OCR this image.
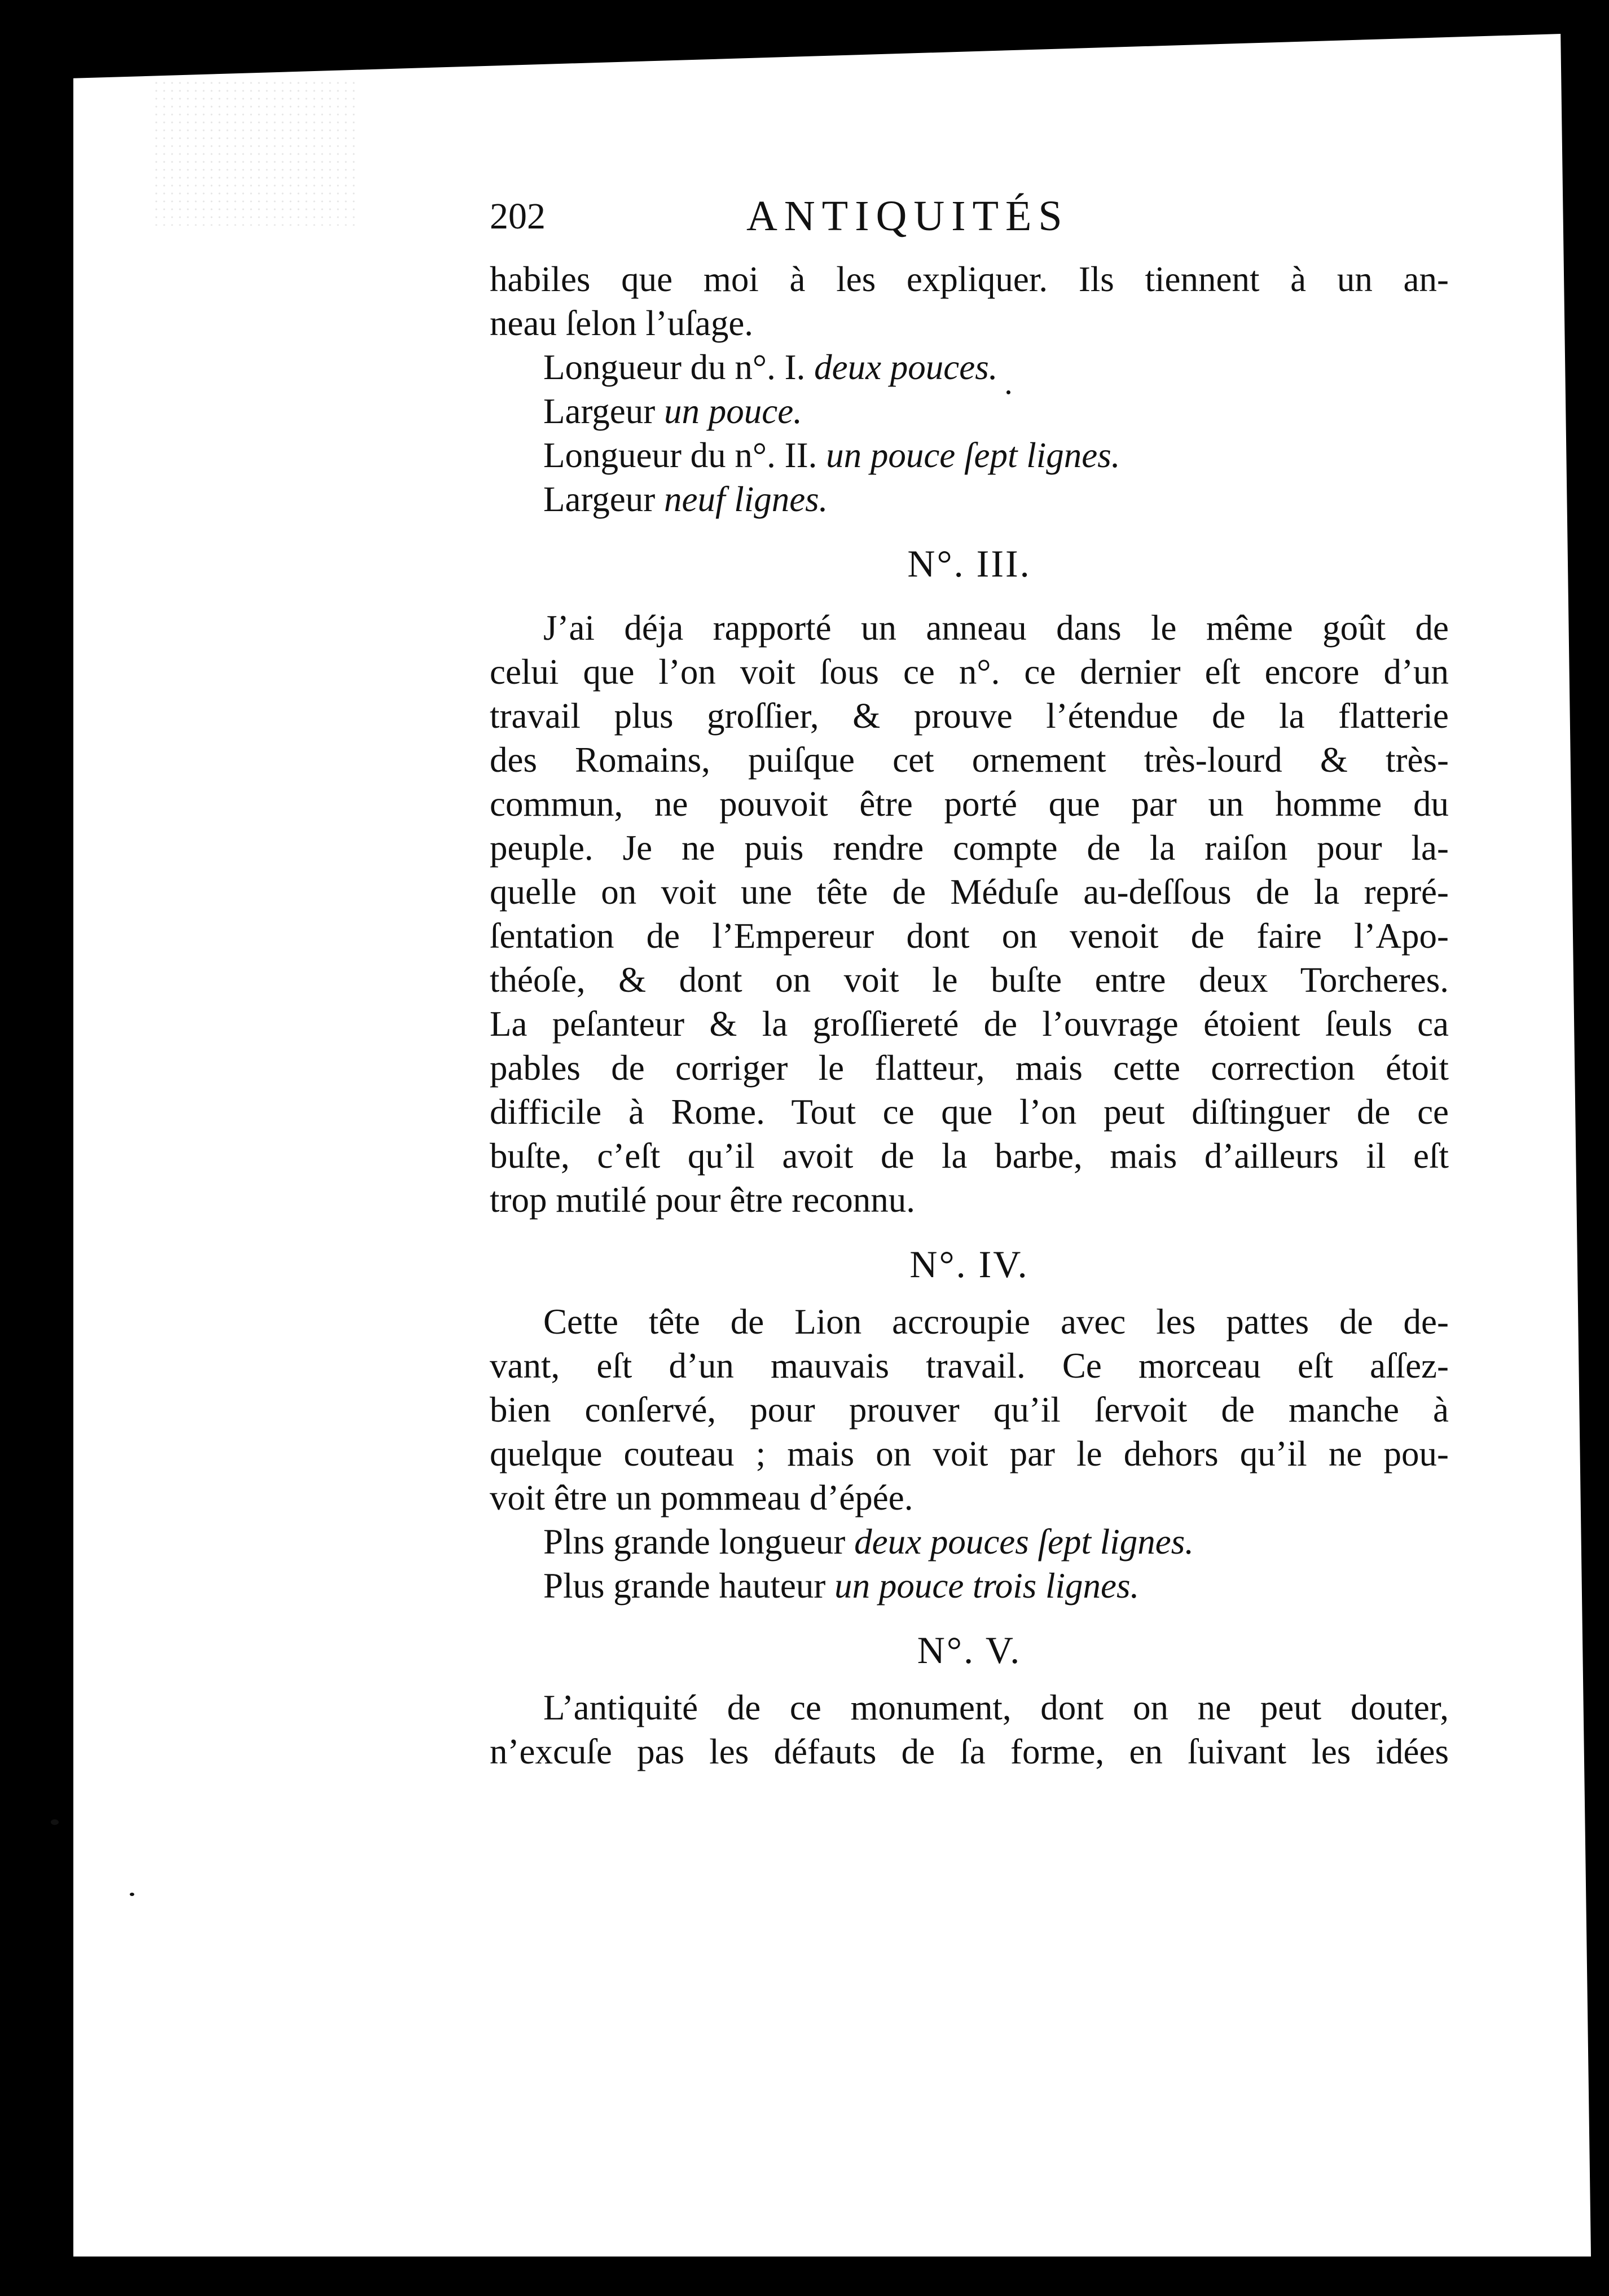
202	ANTIQUITÉS
habiles que moi à les expliquer. Ils tiennent à un an-
neau ſelon l’uſage.
Longueur du n°. I. deux pouces.
Largeur un pouce.
Longueur du n°. II. un pouce ſept lignes.
Largeur neuf lignes.
N°. III.
J’ai déja rapporté un anneau dans le même goût de
celui que l’on voit ſous ce n°. ce dernier eſt encore d’un
travail plus groſſier, & prouve l’étendue de la flatterie
des Romains, puiſque cet ornement très-lourd & très-
commun, ne pouvoit être porté que par un homme du
peuple. Je ne puis rendre compte de la raiſon pour la-
quelle on voit une tête de Méduſe au-deſſous de la repré-
ſentation de l’Empereur dont on venoit de faire l’Apo-
théoſe, & dont on voit le buſte entre deux Torcheres.
La peſanteur & la groſſiereté de l’ouvrage étoient ſeuls ca
pables de corriger le flatteur, mais cette correction étoit
difficile à Rome. Tout ce que l’on peut diſtinguer de ce
buſte, c’eſt qu’il avoit de la barbe, mais d’ailleurs il eſt
trop mutilé pour être reconnu.
N°. IV.
Cette tête de Lion accroupie avec les pattes de de-
vant, eſt d’un mauvais travail. Ce morceau eſt aſſez-
bien conſervé, pour prouver qu’il ſervoit de manche à
quelque couteau ; mais on voit par le dehors qu’il ne pou-
voit être un pommeau d’épée.
Plns grande longueur deux pouces ſept lignes.
Plus grande hauteur un pouce trois lignes.
N°. V.
L’antiquité de ce monument, dont on ne peut douter,
n’excuſe pas les défauts de ſa forme, en ſuivant les idées
